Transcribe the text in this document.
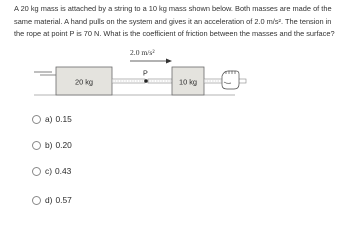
A 20 kg mass is attached by a string to a 10 kg mass shown below. Both masses are made of the same material. A hand pulls on the system and gives it an acceleration of 2.0 m/s². The tension in the rope at point P is 70 N. What is the coefficient of friction between the masses and the surface?
2.0 m/s²
20 kg
P
10 kg
a) 0.15
b) 0.20
c) 0.43
d) 0.57
